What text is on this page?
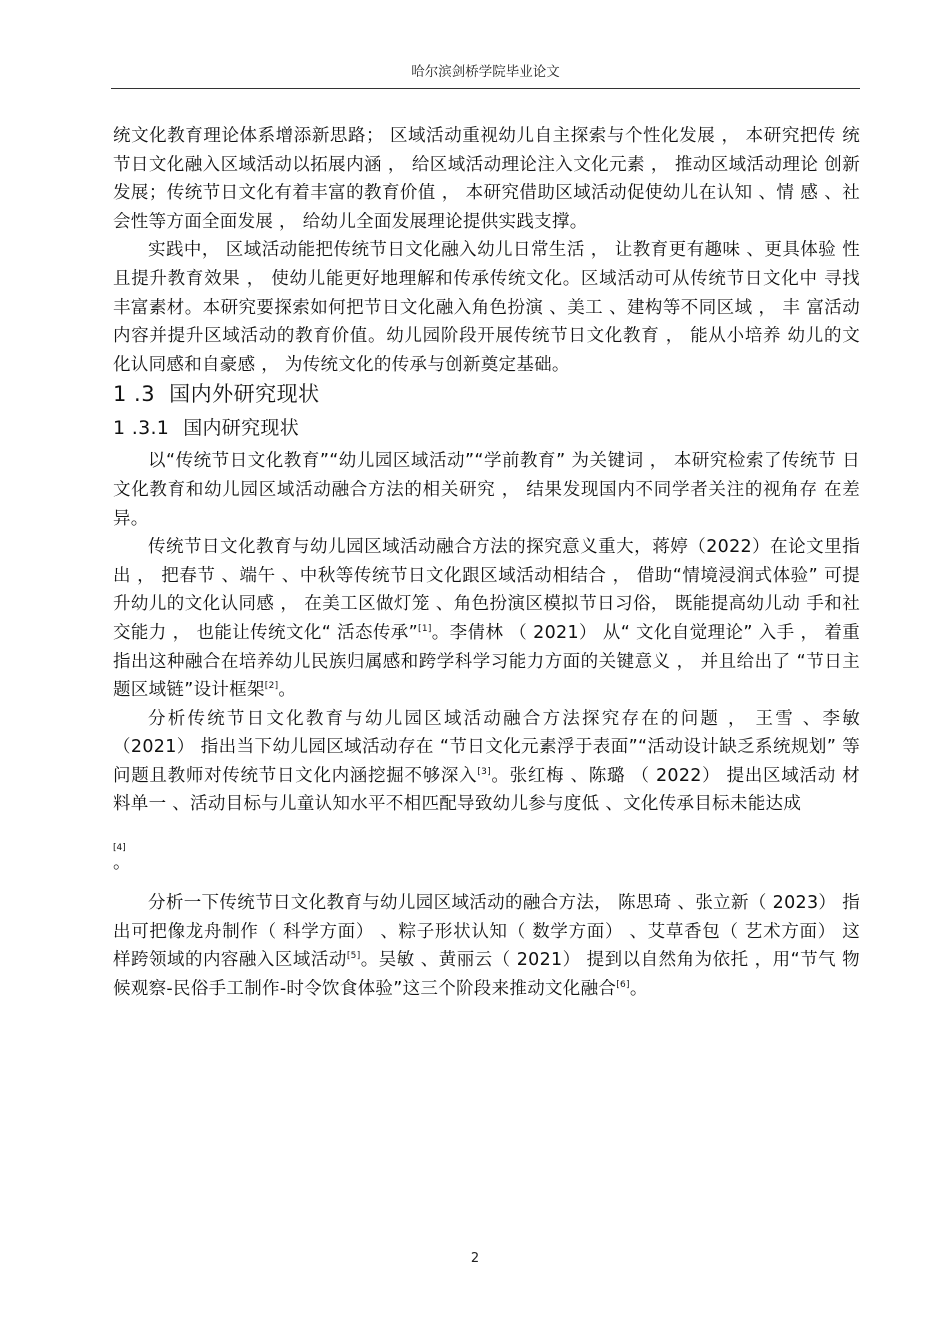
哈尔滨剑桥学院毕业论文

统文化教育理论体系增添新思路； 区域活动重视幼儿自主探索与个性化发展 ， 本研究把传 统节日文化融入区域活动以拓展内涵 ， 给区域活动理论注入文化元素 ， 推动区域活动理论 创新发展；传统节日文化有着丰富的教育价值 ， 本研究借助区域活动促使幼儿在认知 、情 感 、社会性等方面全面发展 ， 给幼儿全面发展理论提供实践支撑。

实践中， 区域活动能把传统节日文化融入幼儿日常生活 ， 让教育更有趣味 、更具体验 性且提升教育效果 ， 使幼儿能更好地理解和传承传统文化。区域活动可从传统节日文化中 寻找丰富素材。本研究要探索如何把节日文化融入角色扮演 、美工 、建构等不同区域 ， 丰 富活动内容并提升区域活动的教育价值。幼儿园阶段开展传统节日文化教育 ， 能从小培养 幼儿的文化认同感和自豪感 ， 为传统文化的传承与创新奠定基础。

1 .3 国内外研究现状
1 .3.1 国内研究现状

以“传统节日文化教育”“幼儿园区域活动”“学前教育” 为关键词 ， 本研究检索了传统节 日文化教育和幼儿园区域活动融合方法的相关研究 ， 结果发现国内不同学者关注的视角存 在差异。

传统节日文化教育与幼儿园区域活动融合方法的探究意义重大，蒋婷（2022）在论文里指出 ， 把春节 、端午 、中秋等传统节日文化跟区域活动相结合 ， 借助“情境浸润式体验” 可提升幼儿的文化认同感 ， 在美工区做灯笼 、角色扮演区模拟节日习俗， 既能提高幼儿动 手和社交能力 ， 也能让传统文化“ 活态传承”[1]。李倩林 （ 2021） 从“ 文化自觉理论” 入手 ， 着重指出这种融合在培养幼儿民族归属感和跨学科学习能力方面的关键意义 ， 并且给出了 “节日主题区域链”设计框架[2]。

分析传统节日文化教育与幼儿园区域活动融合方法探究存在的问题 ， 王雪 、李敏 （2021） 指出当下幼儿园区域活动存在 “节日文化元素浮于表面”“活动设计缺乏系统规划” 等问题且教师对传统节日文化内涵挖掘不够深入[3]。张红梅 、陈璐 （ 2022） 提出区域活动 材料单一 、活动目标与儿童认知水平不相匹配导致幼儿参与度低 、文化传承目标未能达成

[4]
。

分析一下传统节日文化教育与幼儿园区域活动的融合方法， 陈思琦 、张立新（ 2023） 指出可把像龙舟制作（ 科学方面） 、粽子形状认知（ 数学方面） 、艾草香包（ 艺术方面） 这样跨领域的内容融入区域活动[5]。吴敏 、黄丽云（ 2021） 提到以自然角为依托 ，用“节气 物候观察-民俗手工制作-时令饮食体验”这三个阶段来推动文化融合[6]。

2
